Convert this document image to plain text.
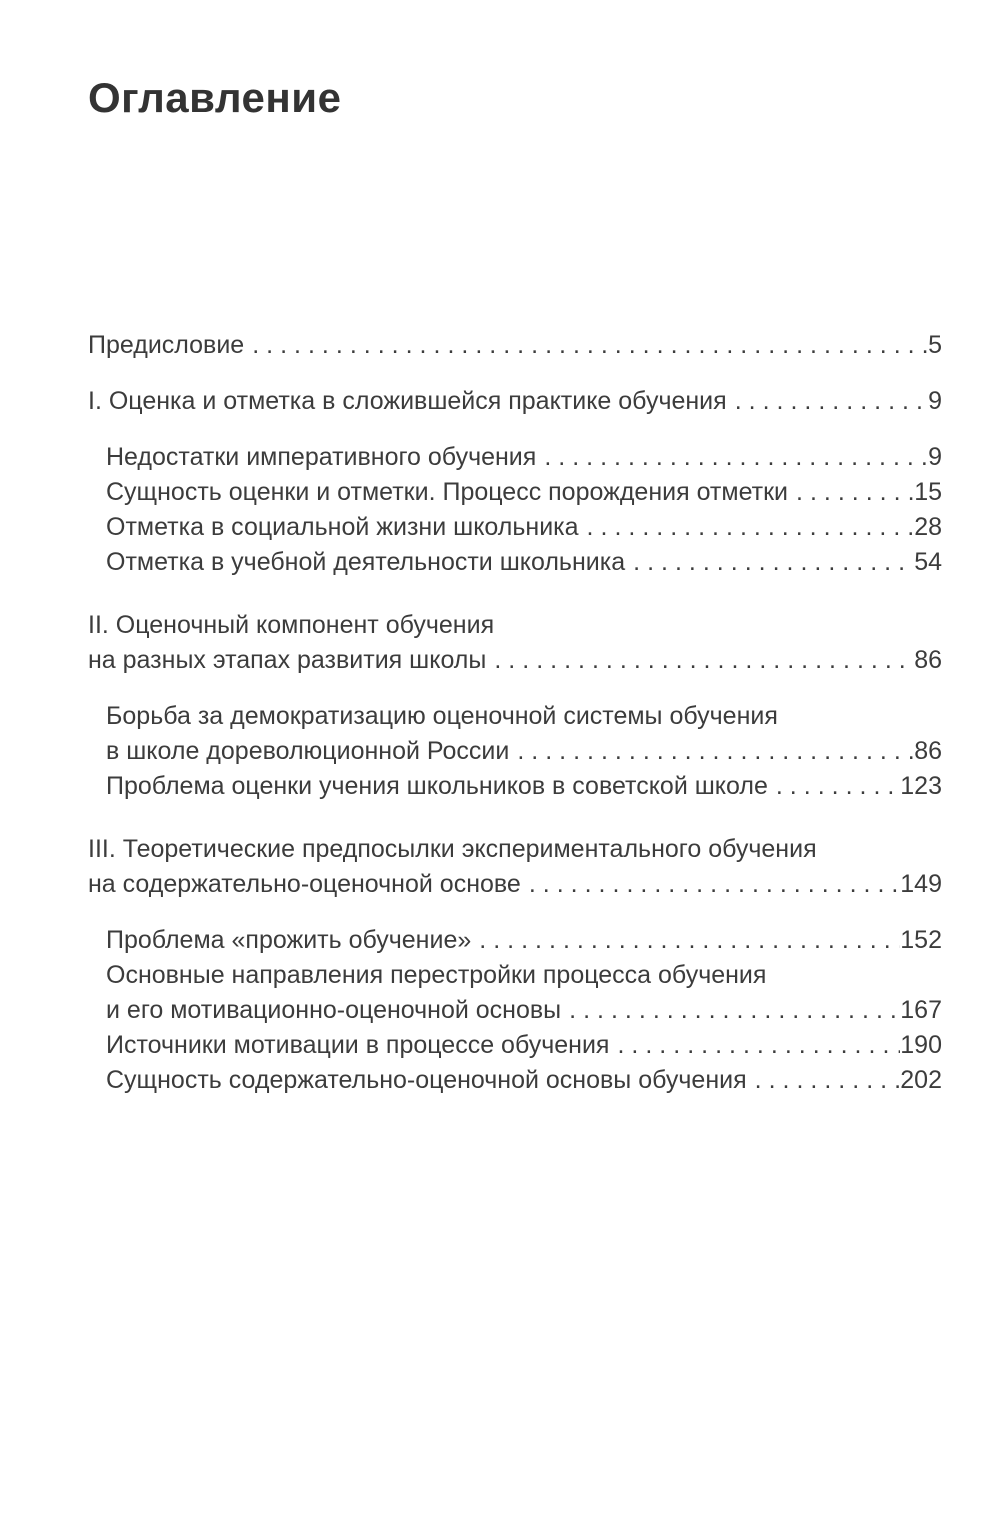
Оглавление
Предисловие .....	5
I. Оценка и отметка в сложившейся практике обучения .....	9
Недостатки императивного обучения .....	9
Сущность оценки и отметки. Процесс порождения отметки .....	15
Отметка в социальной жизни школьника .....	28
Отметка в учебной деятельности школьника .....	54
II. Оценочный компонент обучения
на разных этапах развития школы .....	86
Борьба за демократизацию оценочной системы обучения
в школе дореволюционной России .....	86
Проблема оценки учения школьников в советской школе .....	123
III. Теоретические предпосылки экспериментального обучения
на содержательно-оценочной основе .....	149
Проблема «прожить обучение» .....	152
Основные направления перестройки процесса обучения
и его мотивационно-оценочной основы .....	167
Источники мотивации в процессе обучения .....	190
Сущность содержательно-оценочной основы обучения .....	202
